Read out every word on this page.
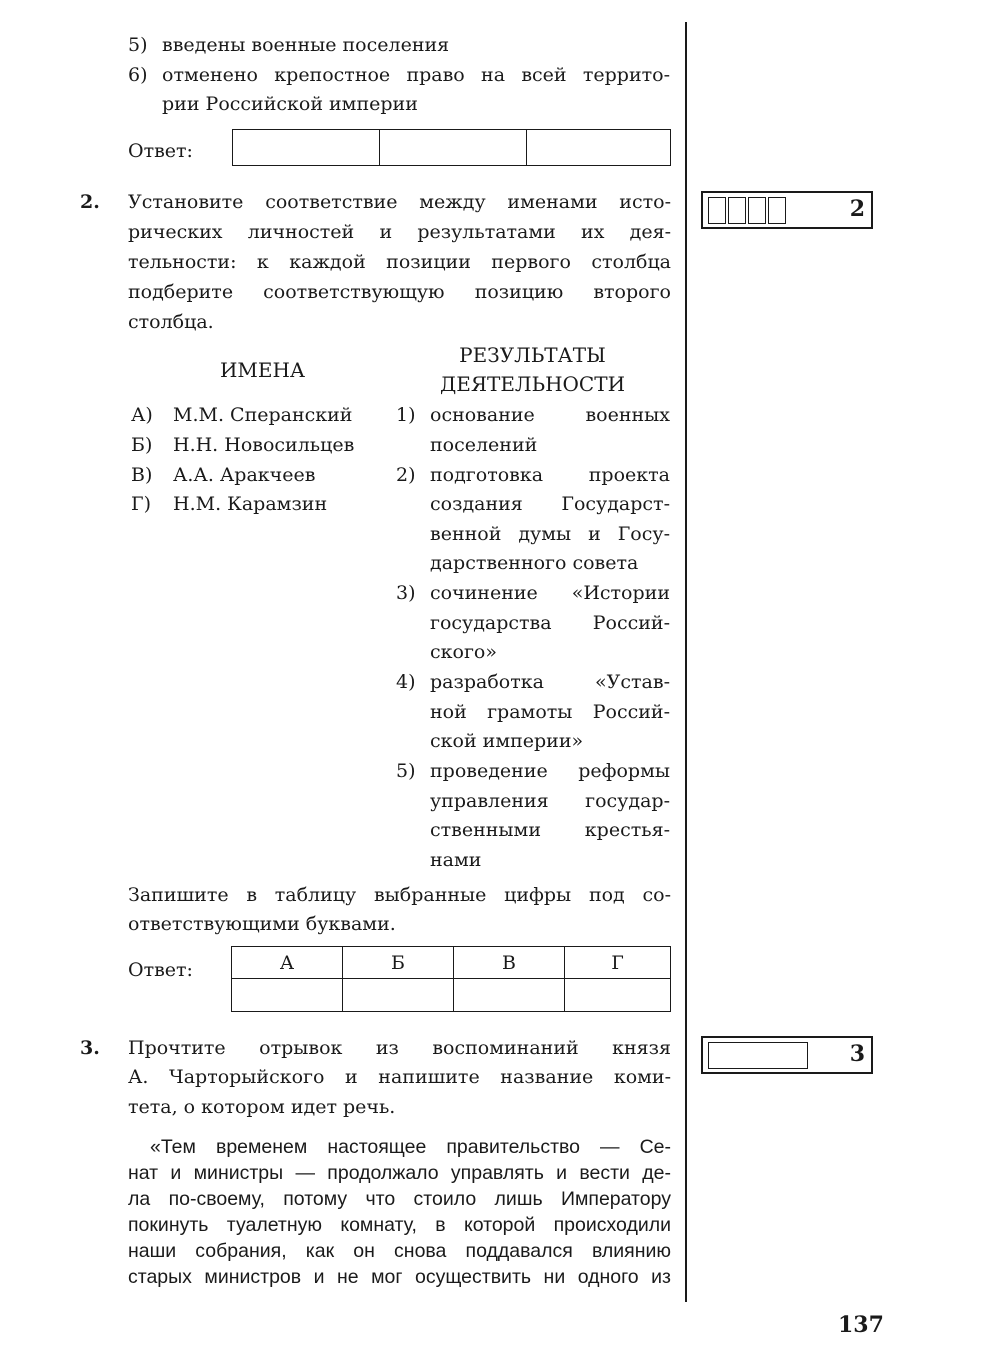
5) введены военные поселения
6) отменено крепостное право на всей террито-
рии Российской империи
Ответ:

2. Установите соответствие между именами исто-
рических личностей и результатами их дея-
тельности: к каждой позиции первого столбца
подберите соответствующую позицию второго
столбца.
2
ИМЕНА
РЕЗУЛЬТАТЫ
ДЕЯТЕЛЬНОСТИ
А) М.М. Сперанский
Б) Н.Н. Новосильцев
В) А.А. Аракчеев
Г) Н.М. Карамзин
1) основание военных
поселений
2) подготовка проекта
создания Государст-
венной думы и Госу-
дарственного совета
3) сочинение «Истории
государства Россий-
ского»
4) разработка «Устав-
ной грамоты Россий-
ской империи»
5) проведение реформы
управления государ-
ственными крестья-
нами
Запишите в таблицу выбранные цифры под со-
ответствующими буквами.
Ответ:	А	Б	В	Г

3. Прочтите отрывок из воспоминаний князя
А. Чарторыйского и напишите название коми-
тета, о котором идет речь.
3
«Тем временем настоящее правительство — Се-
нат и министры — продолжало управлять и вести де-
ла по-своему, потому что стоило лишь Императору
покинуть туалетную комнату, в которой происходили
наши собрания, как он снова поддавался влиянию
старых министров и не мог осуществить ни одного из
137
